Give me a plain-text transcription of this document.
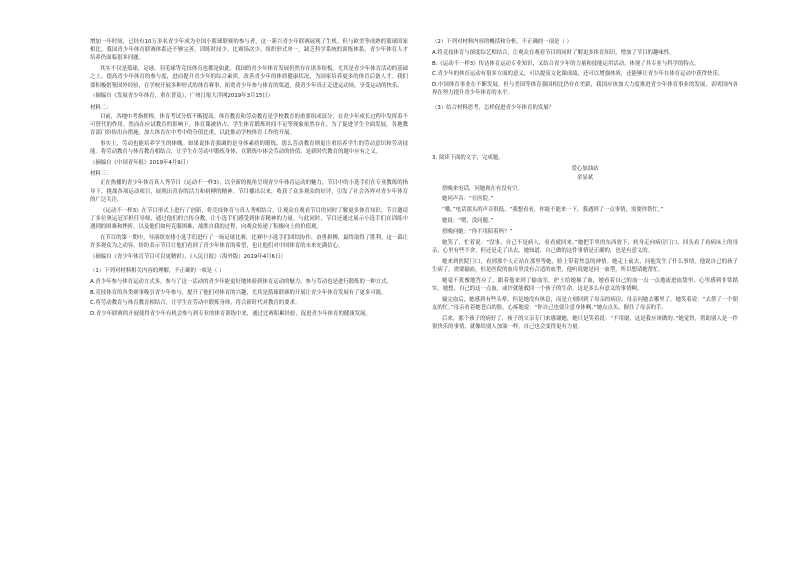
增加一年时间，已经有10万多名青少年成为全国小篮球联赛的参与者，这一新兴青少年联赛展现了生机。但与欧美等成熟的篮球国家相比，我国青少年体育联赛体系还不够完善，训练时间少、比赛场次少、组织形式单一，缺乏科学系统的训练体系，青少年体育人才培养仍面临很多问题。

其实不仅是篮球，足球、羽毛球等竞技体育也都是如此。我国的青少年体育发展仍然存在诸多短板，尤其是青少年体育活动的基础之上，提高青少年体育的参与度，进而提升青少年的综合素质，改善青少年的体质健康状况，为国家培养更多的体育后备人才。我们要积极借鉴国外经验，在学校开展多种形式的体育赛事，拓宽青少年参与体育的渠道，使青少年真正走进运动场，享受运动的快乐。

（摘编自《发展青少年体育，重在普及》，广州日报大洋网2019年3月15日）

材料二：

目前，各地中考指挥棒，体育考试分值不断提高。体育教育和劳动教育是学校教育的重要组成部分，在青少年成长过程中发挥着不可替代的作用。然而在应试教育的影响下，体育课被挤占、学生体育锻炼时间不足等现象依然存在。为了促进学生全面发展，各地教育部门纷纷出台措施，加大体育在中考中的分值比重，以此推动学校体育工作的开展。

事实上，劳动也能培养学生的体魄。如果说体育强调的是身体素质的锻炼，那么劳动教育则更注重培养学生的劳动意识和劳动技能。将劳动教育与体育教育相结合，让学生在劳动中锻炼身体，在锻炼中体会劳动的价值，是新时代教育的题中应有之义。

（摘编自《中国青年报》2019年4月9日）

材料三：

正在热播的青少年体育真人秀节目《运动不一样3》，以全新的视角呈现青少年体育运动的魅力，节目中的小选手们在专业教练的指导下，挑战各项运动项目，展现出青春的活力和拼搏的精神。节目播出以来，收获了众多观众的好评，引发了社会各界对青少年体育的广泛关注。

《运动不一样3》在节目形式上进行了创新，将竞技体育与真人秀相结合，让观众在观看节目的同时了解更多体育知识。节目邀请了多位奥运冠军担任导师，通过他们的言传身教，让小选手们感受到体育精神的力量。与此同时，节目还通过展示小选手们在训练中遇到的困难和挫折，以及他们如何克服困难、战胜自我的过程，向观众传递了积极向上的价值观。

在节目的第一期中，导演组安排小选手们进行了一场足球比赛，比赛中小选手们团结协作、奋勇拼搏，最终取得了胜利。这一幕让许多观众为之动容，纷纷表示节目让他们看到了青少年体育的希望，也让他们对中国体育的未来充满信心。

（摘编自《青少年体育节目可以更精彩》，《人民日报》（海外版）2019年4月6日）

（1）下列对材料相关内容的理解，不正确的一项是（ ）

A.青少年参与体育运动方式多，参与了这一活动的青少年能更好地体验到体育运动的魅力，参与劳动也是进行锻炼的一种方式。

B.竞技体育的各类赛事吸引青少年参与，提升了他们对体育的兴趣，尤其是篮球联赛的开展让青少年体育发展有了更多可能。

C.将劳动教育与体育教育相结合，让学生在劳动中锻炼身体，符合新时代对教育的要求。

D.青少年联赛的开展使得青少年有机会参与到专业的体育训练中来，通过比赛积累经验，促进青少年体育的健康发展。

（2）下列对材料内容的概括和分析，不正确的一项是（ ）

A.将竞技体育与深度综艺相结合，让观众在观看节目的同时了解更多体育知识，增加了节目的趣味性。

B.《运动不一样3》传达体育运动专业知识，又结合青少年的力量和技能运用活动，体现了其专业与科学的特点。

C.青少年的体育运动有很多方面的意义，可以提高文化课成绩，还可以增强体质，还能够让青少年在体育运动中获得快乐。

D.中国体育事业在不断发展，但与美国等体育强国相比仍存在差距，我国应该加大力度推进青少年体育事业的发展，表明国内各界在努力提升青少年体育的水平。

（3）结合材料思考，怎样促进青少年体育的发展？

3. 阅读下面的文字，完成题。

爱心加油站

余显斌

傍晚来电话，问她现在有没有空。

她问声音：“在医院。”

“哦，”电话那头的声音很低，“我想看看，你能不能来一下，我遇到了一点事情，需要你帮忙。”

她说：“嗯，没问题。”

傍晚问她：“你不用陪着吗？”

她笑了，忙着说：“没事，自己不是病人，看看就回来。”她把手里的东西放下，转身走向病房门口，回头看了看病床上的母亲，心里有些不舍，但还是走了出去。她知道，自己做的这件事情是正确的，也是有意义的。

她来到医院门口，看到那个人正站在那里等她，脸上带着焦急的神情。她走上前去，问他发生了什么事情，他说自己的孩子生病了，需要输血，但是医院的血库里没有合适的血型，他听说她是同一血型，所以想请她帮忙。

她毫不犹豫地答应了，跟着他来到了输血室。护士给她抽了血，她看着自己的血一点一点地流进血袋里，心里感到非常踏实。她想，自己的这一点血，或许就能救回一个孩子的生命，这是多么有意义的事情啊。

输完血后，她感到有些头晕，但是她没有休息，而是立刻回到了母亲的病房。母亲问她去哪里了，她笑着说：“去帮了一个朋友的忙。”母亲看着她苍白的脸，心疼地说：“你自己也要注意身体啊。”她点点头，握住了母亲的手。

后来，那个孩子的病好了，孩子的父亲专门来感谢她，她只是笑着说：“不用谢，这是我应该做的。”她觉得，帮助别人是一件很快乐的事情，就像给别人加油一样，自己也会变得更有力量。
